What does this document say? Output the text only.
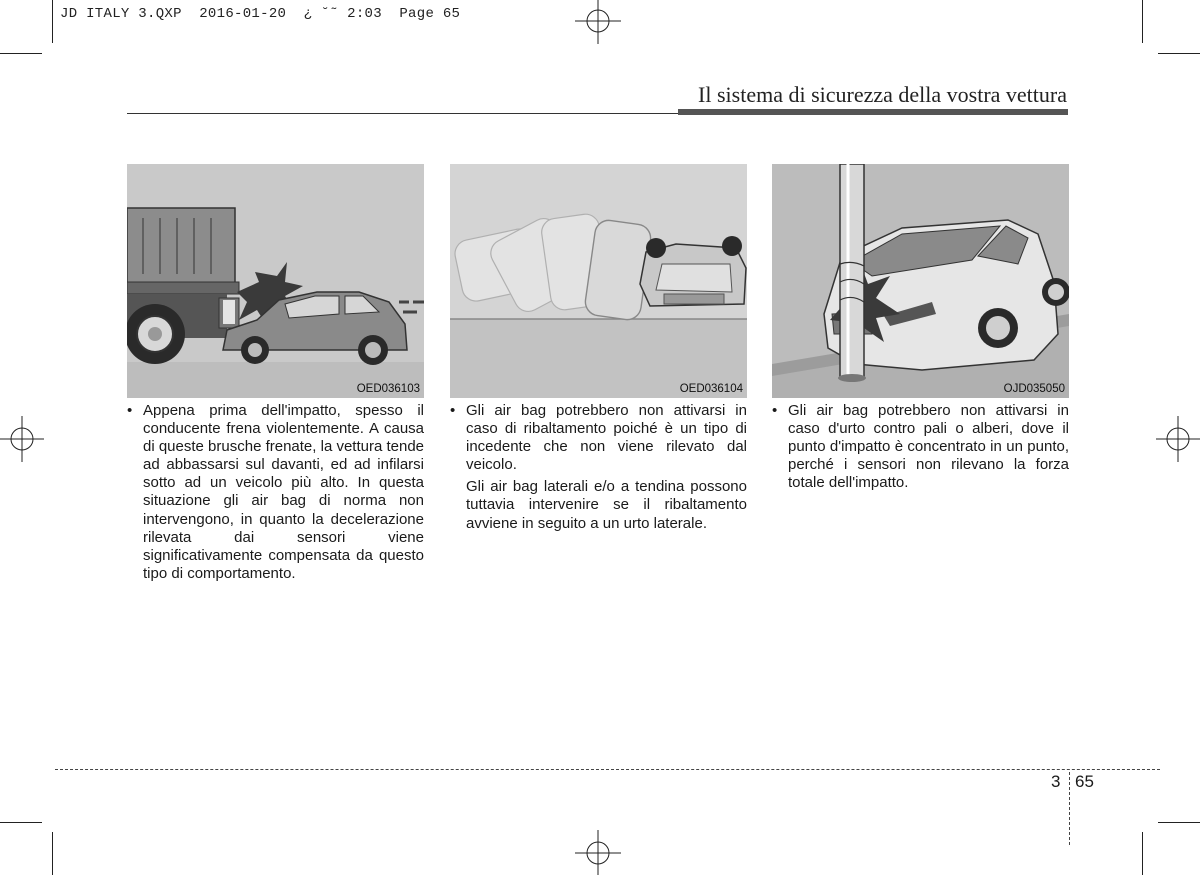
JD ITALY 3.QXP  2016-01-20  ¿ ˘˜ 2:03  Page 65
Il sistema di sicurezza della vostra vettura
OED036103	OED036104	OJD035050

• Appena prima dell'impatto, spesso il conducente frena violentemente. A causa di queste brusche frenate, la vettura tende ad abbassarsi sul davanti, ed ad infilarsi sotto ad un veicolo più alto. In questa situazione gli air bag di norma non intervengono, in quanto la decelerazione rilevata dai sensori viene significativamente compensata da questo tipo di comportamento.

• Gli air bag potrebbero non attivarsi in caso di ribaltamento poiché è un tipo di incedente che non viene rilevato dal veicolo.

Gli air bag laterali e/o a tendina possono tuttavia intervenire se il ribaltamento avviene in seguito a un urto laterale.

• Gli air bag potrebbero non attivarsi in caso d'urto contro pali o alberi, dove il punto d'impatto è concentrato in un punto, perché i sensori non rilevano la forza totale dell'impatto.

3 65
